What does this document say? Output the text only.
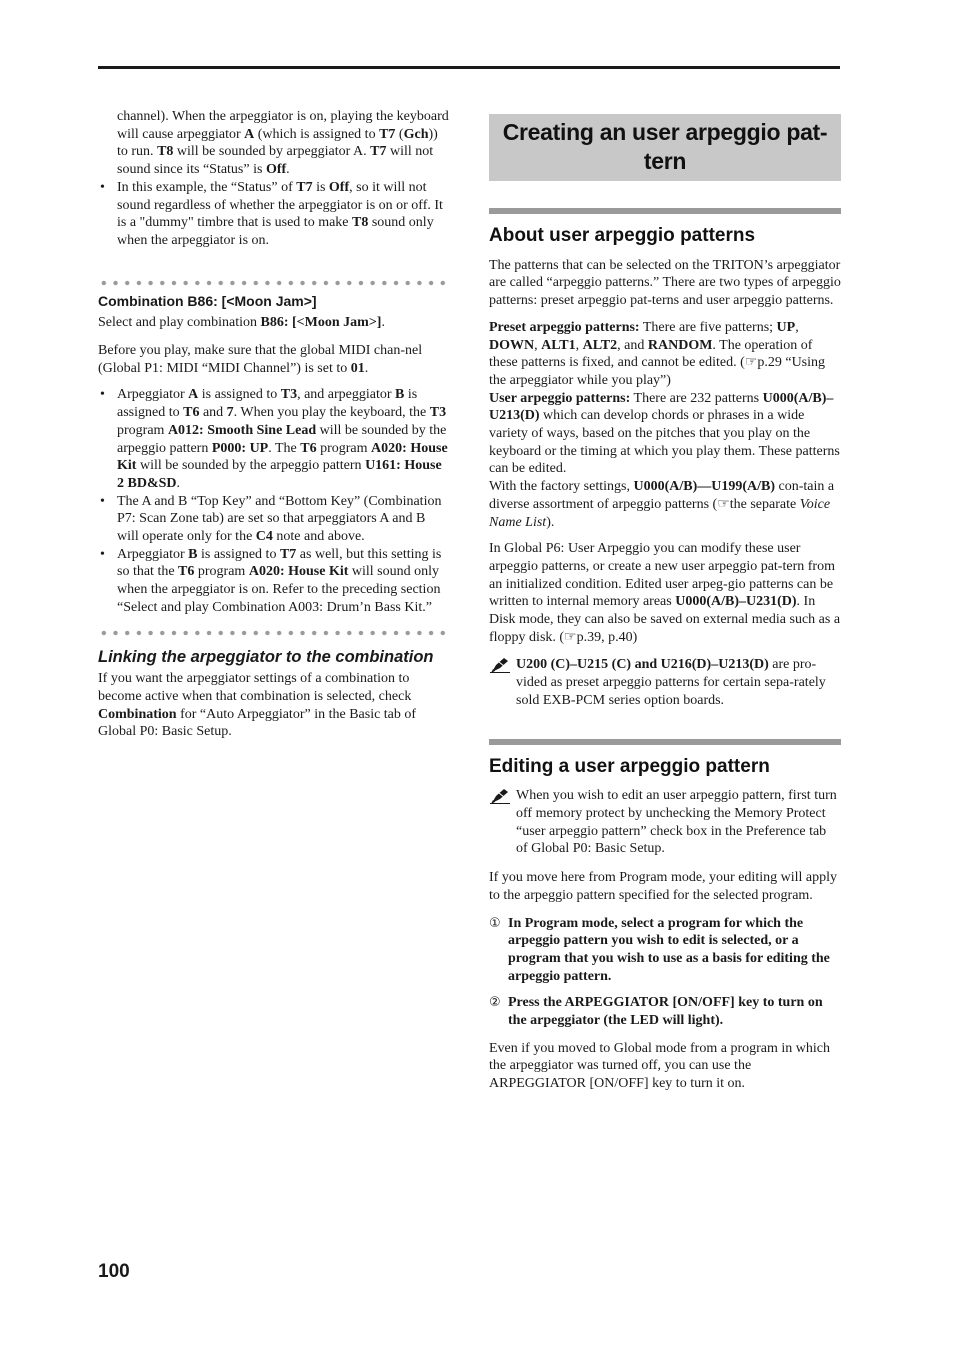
channel). When the arpeggiator is on, playing the keyboard will cause arpeggiator A (which is assigned to T7 (Gch)) to run. T8 will be sounded by arpeggiator A. T7 will not sound since its “Status” is Off.

• In this example, the “Status” of T7 is Off, so it will not sound regardless of whether the arpeggiator is on or off. It is a "dummy" timbre that is used to make T8 sound only when the arpeggiator is on.

Combination B86: [<Moon Jam>]

Select and play combination B86: [<Moon Jam>].

Before you play, make sure that the global MIDI chan-nel (Global P1: MIDI “MIDI Channel”) is set to 01.

• Arpeggiator A is assigned to T3, and arpeggiator B is assigned to T6 and 7. When you play the keyboard, the T3 program A012: Smooth Sine Lead will be sounded by the arpeggio pattern P000: UP. The T6 program A020: House Kit will be sounded by the arpeggio pattern U161: House 2 BD&SD.
• The A and B “Top Key” and “Bottom Key” (Combination P7: Scan Zone tab) are set so that arpeggiators A and B will operate only for the C4 note and above.
• Arpeggiator B is assigned to T7 as well, but this setting is so that the T6 program A020: House Kit will sound only when the arpeggiator is on. Refer to the preceding section “Select and play Combination A003: Drum’n Bass Kit.”

Linking the arpeggiator to the combination

If you want the arpeggiator settings of a combination to become active when that combination is selected, check Combination for “Auto Arpeggiator” in the Basic tab of Global P0: Basic Setup.

Creating an user arpeggio pat-tern

About user arpeggio patterns

The patterns that can be selected on the TRITON’s arpeggiator are called “arpeggio patterns.” There are two types of arpeggio patterns: preset arpeggio pat-terns and user arpeggio patterns.

Preset arpeggio patterns: There are five patterns; UP, DOWN, ALT1, ALT2, and RANDOM. The operation of these patterns is fixed, and cannot be edited. (☞p.29 “Using the arpeggiator while you play”)

User arpeggio patterns: There are 232 patterns U000(A/B)–U213(D) which can develop chords or phrases in a wide variety of ways, based on the pitches that you play on the keyboard or the timing at which you play them. These patterns can be edited.

With the factory settings, U000(A/B)—U199(A/B) con-tain a diverse assortment of arpeggio patterns (☞the separate Voice Name List).

In Global P6: User Arpeggio you can modify these user arpeggio patterns, or create a new user arpeggio pat-tern from an initialized condition. Edited user arpeg-gio patterns can be written to internal memory areas U000(A/B)–U231(D). In Disk mode, they can also be saved on external media such as a floppy disk. (☞p.39, p.40)

U200 (C)–U215 (C) and U216(D)–U213(D) are pro-vided as preset arpeggio patterns for certain sepa-rately sold EXB-PCM series option boards.

Editing a user arpeggio pattern

When you wish to edit an user arpeggio pattern, first turn off memory protect by unchecking the Memory Protect “user arpeggio pattern” check box in the Preference tab of Global P0: Basic Setup.

If you move here from Program mode, your editing will apply to the arpeggio pattern specified for the selected program.

① In Program mode, select a program for which the arpeggio pattern you wish to edit is selected, or a program that you wish to use as a basis for editing the arpeggio pattern.
② Press the ARPEGGIATOR [ON/OFF] key to turn on the arpeggiator (the LED will light).

Even if you moved to Global mode from a program in which the arpeggiator was turned off, you can use the ARPEGGIATOR [ON/OFF] key to turn it on.

100
